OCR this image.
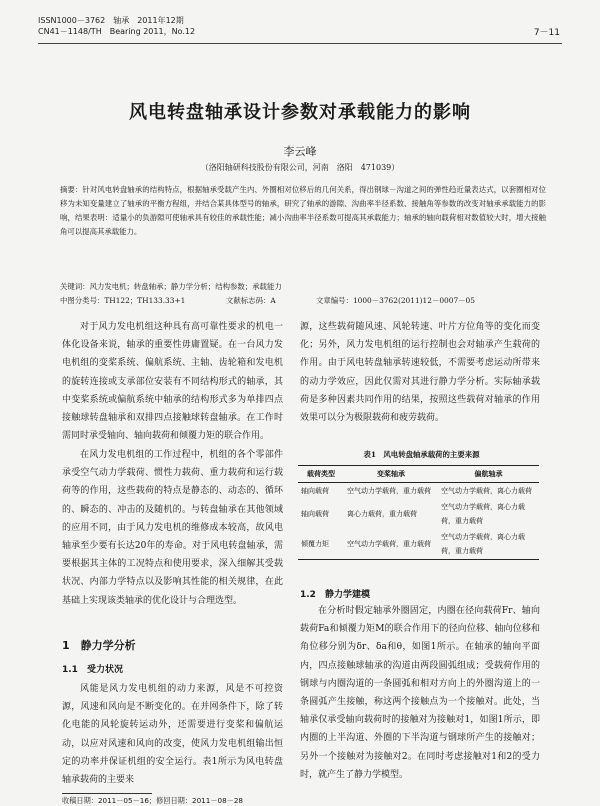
ISSN1000－3762　轴承　2011年12期
CN41－1148/TH　Bearing 2011，No.12	7－11
风电转盘轴承设计参数对承载能力的影响
李云峰
（洛阳轴研科技股份有限公司，河南　洛阳　471039）
摘要：针对风电转盘轴承的结构特点，根据轴承受载产生内、外圈相对位移后的几何关系，得出钢球－沟道之间的弹性趋近量表达式，以套圈相对位移为未知变量建立了轴承的平衡方程组，并结合某具体型号的轴承，研究了轴承的游隙、沟曲率半径系数、接触角等参数的改变对轴承承载能力的影响，结果表明：适量小的负游隙可使轴承具有较佳的承载性能；减小沟曲率半径系数可提高其承载能力；轴承的轴向载荷相对数值较大时，增大接触角可以提高其承载能力。
关键词：风力发电机；转盘轴承；静力学分析；结构参数；承载能力
中图分类号：TH122；TH133.33+1	文献标志码：A	文章编号：1000－3762(2011)12－0007－05

对于风力发电机组这种具有高可靠性要求的机电一体化设备来说，轴承的重要性毋庸置疑。在一台风力发电机组的变桨系统、偏航系统、主轴、齿轮箱和发电机的旋转连接或支承部位安装有不同结构形式的轴承，其中变桨系统或偏航系统中轴承的结构形式多为单排四点接触球转盘轴承和双排四点接触球转盘轴承。在工作时需同时承受轴向、轴向载荷和倾覆力矩的联合作用。

在风力发电机组的工作过程中，机组的各个零部件承受空气动力学载荷、惯性力载荷、重力载荷和运行载荷等的作用，这些载荷的特点是静态的、动态的、循环的、瞬态的、冲击的及随机的。与转盘轴承在其他领域的应用不同，由于风力发电机的维修成本较高，故风电轴承至少要有长达20年的寿命。对于风电转盘轴承，需要根据其主体的工况特点和使用要求，深入细解其受载状况、内部力学特点以及影响其性能的相关规律，在此基础上实现该类轴承的优化设计与合理选型。

1　静力学分析
1.1　受力状况

风能是风力发电机组的动力来源，风是不可控资源，风速和风向是不断变化的。在并网条件下，除了转化电能的风轮旋转运动外，还需要进行变桨和偏航运动，以应对风速和风向的改变，使风力发电机组输出恒定的功率并保证机组的安全运行。表1所示为风电转盘轴承载荷的主要来

源，这些载荷随风速、风轮转速、叶片方位角等的变化而变化；另外，风力发电机组的运行控制也会对轴承产生载荷的作用。由于风电转盘轴承转速较低，不需要考虑运动所带来的动力学效应，因此仅需对其进行静力学分析。实际轴承载荷是多种因素共同作用的结果，按照这些载荷对轴承的作用效果可以分为极限载荷和疲劳载荷。

表1　风电转盘轴承载荷的主要来源
载荷类型	变桨轴承	偏航轴承
轴向载荷	空气动力学载荷，重力载荷	空气动力学载荷，离心力载荷
轴向载荷	离心力载荷，重力载荷	空气动力学载荷，离心力载荷，重力载荷
倾覆力矩	空气动力学载荷，重力载荷	空气动力学载荷，离心力载荷，重力载荷
1.2　静力学建模

在分析时假定轴承外圈固定，内圈在径向载荷Fr、轴向载荷Fa和倾覆力矩M的联合作用下的径向位移、轴向位移和角位移分别为δr、δa和θ，如图1所示。在轴承的轴向平面内，四点接触球轴承的沟道由两段圆弧组成；受载荷作用的钢球与内圈沟道的一条圆弧和相对方向上的外圈沟道上的一条圆弧产生接触，称这两个接触点为一个接触对。此处，当轴承仅承受轴向载荷时的接触对为接触对1，如图1所示，即内圈的上半沟道、外圈的下半沟道与钢球所产生的接触对；另外一个接触对为接触对2。在同时考虑接触对1和2的受力时，就产生了静力学模型。

收稿日期：2011－05－16；修回日期：2011－08－28
